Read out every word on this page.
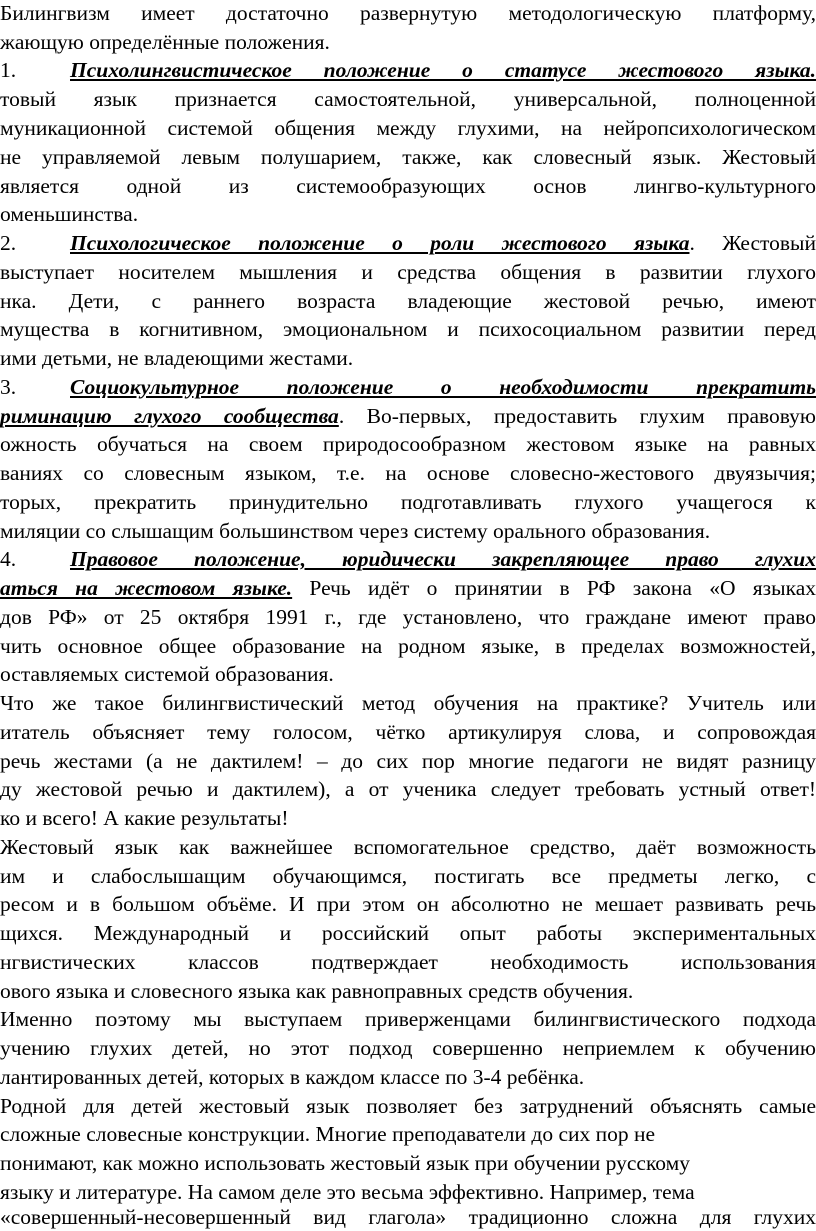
Билингвизм имеет достаточно развернутую методологическую платформу,
жающую определённые положения.
1.	Психолингвистическое положение о статусе жестового языка.
товый язык признается самостоятельной, универсальной, полноценной
муникационной системой общения между глухими, на нейропсихологическом
не управляемой левым полушарием, также, как словесный язык. Жестовый
является одной из системообразующих основ лингво-культурного
оменьшинства.
2.	Психологическое положение о роли жестового языка. Жестовый
выступает носителем мышления и средства общения в развитии глухого
нка. Дети, с раннего возраста владеющие жестовой речью, имеют
мущества в когнитивном, эмоциональном и психосоциальном развитии перед
ими детьми, не владеющими жестами.
3.	Социокультурное положение о необходимости прекратить
риминацию глухого сообщества. Во-первых, предоставить глухим правовую
ожность обучаться на своем природосообразном жестовом языке на равных
ваниях со словесным языком, т.е. на основе словесно-жестового двуязычия;
торых, прекратить принудительно подготавливать глухого учащегося к
миляции со слышащим большинством через систему орального образования.
4.	Правовое положение, юридически закрепляющее право глухих
аться на жестовом языке. Речь идёт о принятии в РФ закона «О языках
дов РФ» от 25 октября 1991 г., где установлено, что граждане имеют право
чить основное общее образование на родном языке, в пределах возможностей,
оставляемых системой образования.
Что же такое билингвистический метод обучения на практике? Учитель или
итатель объясняет тему голосом, чётко артикулируя слова, и сопровождая
речь жестами (а не дактилем! – до сих пор многие педагоги не видят разницу
ду жестовой речью и дактилем), а от ученика следует требовать устный ответ!
ко и всего! А какие результаты!
Жестовый язык как важнейшее вспомогательное средство, даёт возможность
им и слабослышащим обучающимся, постигать все предметы легко, с
ресом и в большом объёме. И при этом он абсолютно не мешает развивать речь
щихся. Международный и российский опыт работы экспериментальных
нгвистических классов подтверждает необходимость использования
ового языка и словесного языка как равноправных средств обучения.
Именно поэтому мы выступаем приверженцами билингвистического подхода
учению глухих детей, но этот подход совершенно неприемлем к обучению
лантированных детей, которых в каждом классе по 3-4 ребёнка.
Родной для детей жестовый язык позволяет без затруднений объяснять самые
сложные словесные конструкции. Многие преподаватели до сих пор не
понимают, как можно использовать жестовый язык при обучении русскому
языку и литературе. На самом деле это весьма эффективно. Например, тема
«совершенный-несовершенный вид глагола» традиционно сложна для глухих
